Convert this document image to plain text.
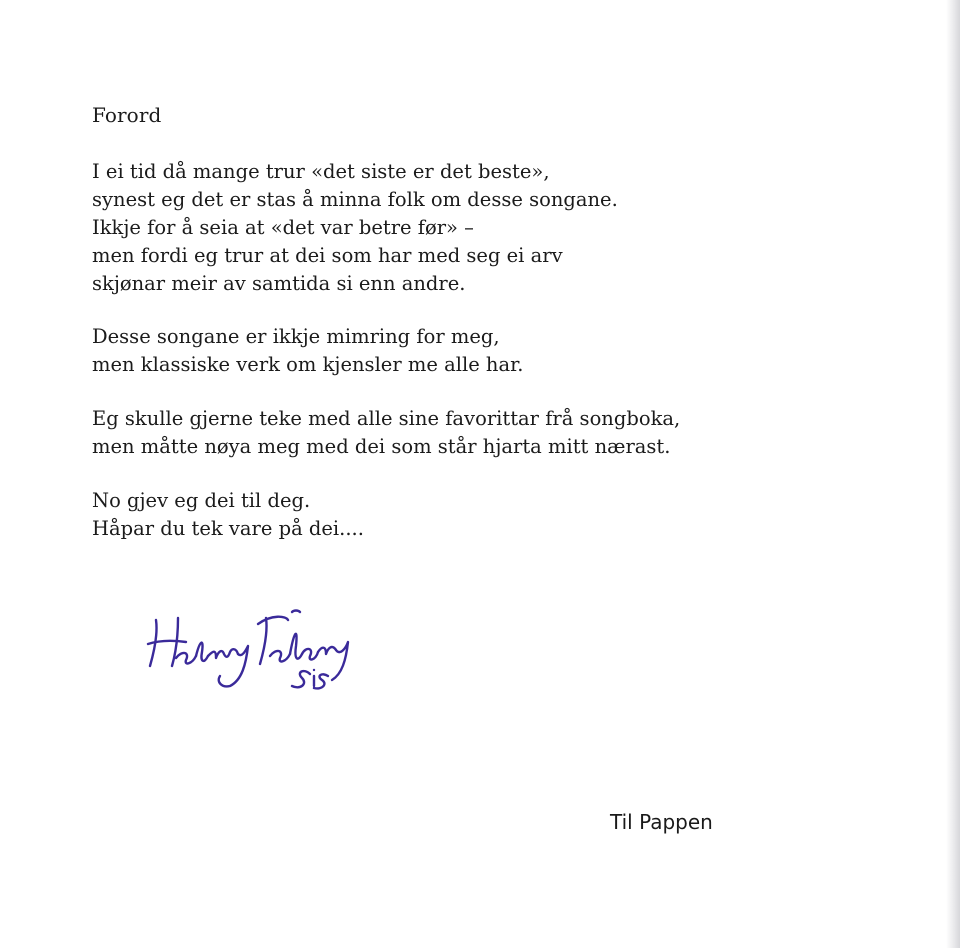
Forord

I ei tid då mange trur «det siste er det beste»,
synest eg det er stas å minna folk om desse songane.
Ikkje for å seia at «det var betre før» –
men fordi eg trur at dei som har med seg ei arv
skjønar meir av samtida si enn andre.

Desse songane er ikkje mimring for meg,
men klassiske verk om kjensler me alle har.

Eg skulle gjerne teke med alle sine favorittar frå songboka,
men måtte nøya meg med dei som står hjarta mitt nærast.

No gjev eg dei til deg.
Håpar du tek vare på dei....

Til Pappen
